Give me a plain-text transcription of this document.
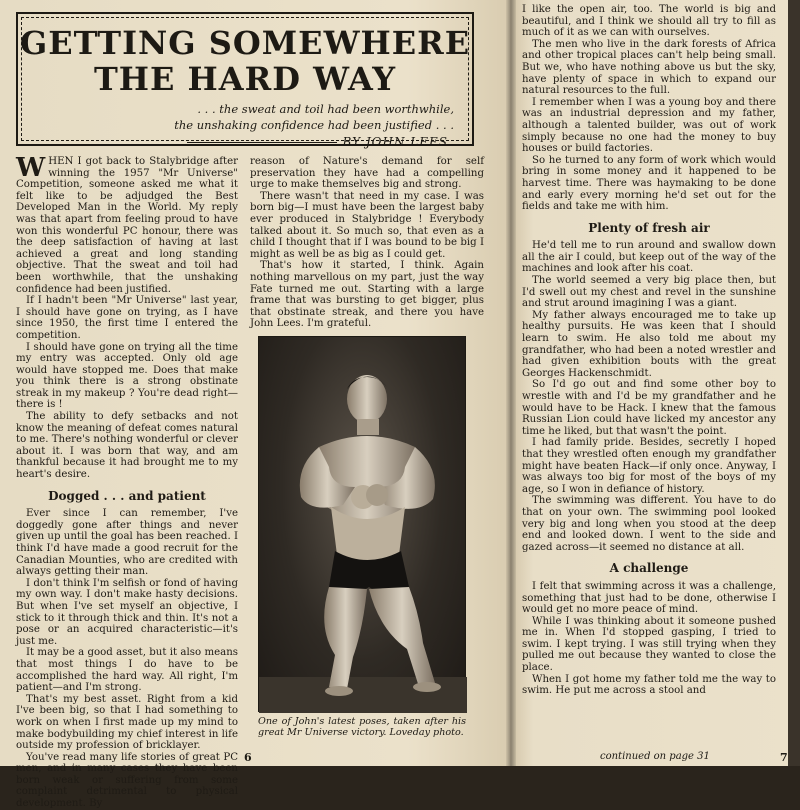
GETTING SOMEWHERE
THE HARD WAY
. . . the sweat and toil had been worthwhile,
the unshaking confidence had been justified . . .
BY JOHN LEES

WHEN I got back to Stalybridge after winning the 1957 "Mr Universe" Competition, someone asked me what it felt like to be adjudged the Best Developed Man in the World. My reply was that apart from feeling proud to have won this wonderful PC honour, there was the deep satisfaction of having at last achieved a great and long standing objective. That the sweat and toil had been worthwhile, that the unshaking confidence had been justified.

If I hadn't been "Mr Universe" last year, I should have gone on trying, as I have since 1950, the first time I entered the competition.

I should have gone on trying all the time my entry was accepted. Only old age would have stopped me. Does that make you think there is a strong obstinate streak in my makeup ? You're dead right—there is !

The ability to defy setbacks and not know the meaning of defeat comes natural to me. There's nothing wonderful or clever about it. I was born that way, and am thankful because it had brought me to my heart's desire.

Dogged . . . and patient

Ever since I can remember, I've doggedly gone after things and never given up until the goal has been reached. I think I'd have made a good recruit for the Canadian Mounties, who are credited with always getting their man.

I don't think I'm selfish or fond of having my own way. I don't make hasty decisions. But when I've set myself an objective, I stick to it through thick and thin. It's not a pose or an acquired characteristic—it's just me.

It may be a good asset, but it also means that most things I do have to be accomplished the hard way. All right, I'm patient—and I'm strong.

That's my best asset. Right from a kid I've been big, so that I had something to work on when I first made up my mind to make bodybuilding my chief interest in life outside my profession of bricklayer.

You've read many life stories of great PC men, and in many cases they have been born weak or suffering from some complaint detrimental to physical development. By

reason of Nature's demand for self preservation they have had a compelling urge to make themselves big and strong.

There wasn't that need in my case. I was born big—I must have been the largest baby ever produced in Stalybridge ! Everybody talked about it. So much so, that even as a child I thought that if I was bound to be big I might as well be as big as I could get.

That's how it started, I think. Again nothing marvellous on my part, just the way Fate turned me out. Starting with a large frame that was bursting to get bigger, plus that obstinate streak, and there you have John Lees. I'm grateful.

One of John's latest poses, taken after his great Mr Universe victory. Loveday photo.
6

I like the open air, too. The world is big and beautiful, and I think we should all try to fill as much of it as we can with ourselves.

The men who live in the dark forests of Africa and other tropical places can't help being small. But we, who have nothing above us but the sky, have plenty of space in which to expand our natural resources to the full.

I remember when I was a young boy and there was an industrial depression and my father, although a talented builder, was out of work simply because no one had the money to buy houses or build factories.

So he turned to any form of work which would bring in some money and it happened to be harvest time. There was haymaking to be done and early every morning he'd set out for the fields and take me with him.

Plenty of fresh air

He'd tell me to run around and swallow down all the air I could, but keep out of the way of the machines and look after his coat.

The world seemed a very big place then, but I'd swell out my chest and revel in the sunshine and strut around imagining I was a giant.

My father always encouraged me to take up healthy pursuits. He was keen that I should learn to swim. He also told me about my grandfather, who had been a noted wrestler and had given exhibition bouts with the great Georges Hackenschmidt.

So I'd go out and find some other boy to wrestle with and I'd be my grandfather and he would have to be Hack. I knew that the famous Russian Lion could have licked my ancestor any time he liked, but that wasn't the point.

I had family pride. Besides, secretly I hoped that they wrestled often enough my grandfather might have beaten Hack—if only once. Anyway, I was always too big for most of the boys of my age, so I won in defiance of history.

The swimming was different. You have to do that on your own. The swimming pool looked very big and long when you stood at the deep end and looked down. I went to the side and gazed across—it seemed no distance at all.

A challenge

I felt that swimming across it was a challenge, something that just had to be done, otherwise I would get no more peace of mind.

While I was thinking about it someone pushed me in. When I'd stopped gasping, I tried to swim. I kept trying. I was still trying when they pulled me out because they wanted to close the place.

When I got home my father told me the way to swim. He put me across a stool and

continued on page 31	7
